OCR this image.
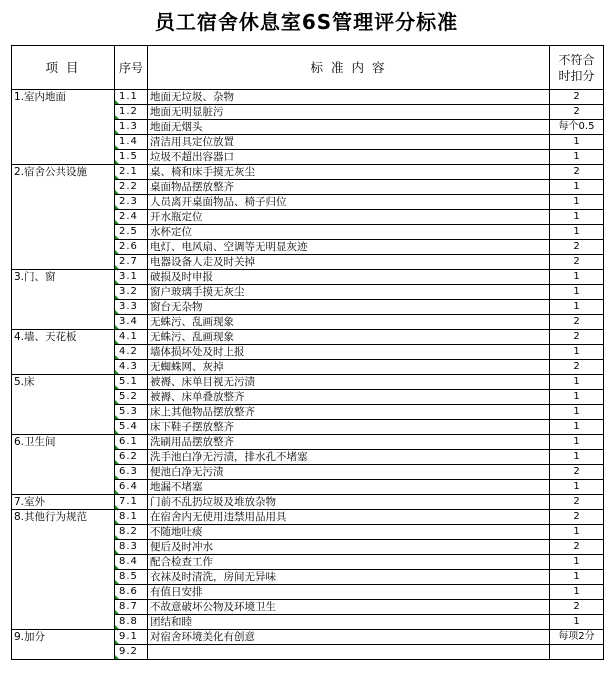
员工宿舍休息室6S管理评分标准
项 目	序号	标 准 内 容	不符合
时扣分
1.室内地面	1.1	地面无垃圾、杂物	2
	1.2	地面无明显脏污	2
	1.3	地面无烟头	每个0.5
	1.4	清洁用具定位放置	1
	1.5	垃圾不超出容器口	1
2.宿舍公共设施	2.1	桌、椅和床手摸无灰尘	2
	2.2	桌面物品摆放整齐	1
	2.3	人员离开桌面物品、椅子归位	1
	2.4	开水瓶定位	1
	2.5	水杯定位	1
	2.6	电灯、电风扇、空调等无明显灰迹	2
	2.7	电器设备人走及时关掉	2
3.门、窗	3.1	破损及时申报	1
	3.2	窗户玻璃手摸无灰尘	1
	3.3	窗台无杂物	1
	3.4	无蛛污、乱画现象	2
4.墙、天花板	4.1	无蛛污、乱画现象	2
	4.2	墙体损坏处及时上报	1
	4.3	无蜘蛛网、灰掉	2
5.床	5.1	被褥、床单目视无污渍	1
	5.2	被褥、床单叠放整齐	1
	5.3	床上其他物品摆放整齐	1
	5.4	床下鞋子摆放整齐	1
6.卫生间	6.1	洗刷用品摆放整齐	1
	6.2	洗手池白净无污渍，排水孔不堵塞	1
	6.3	便池白净无污渍	2
	6.4	地漏不堵塞	1
7.室外	7.1	门前不乱扔垃圾及堆放杂物	2
8.其他行为规范	8.1	在宿舍内无使用违禁用品用具	2
	8.2	不随地吐痰	1
	8.3	便后及时冲水	2
	8.4	配合检查工作	1
	8.5	衣袜及时清洗，房间无异味	1
	8.6	有值日安排	1
	8.7	不故意破坏公物及环境卫生	2
	8.8	团结和睦	1
9.加分	9.1	对宿舍环境美化有创意	每项2分
	9.2		
